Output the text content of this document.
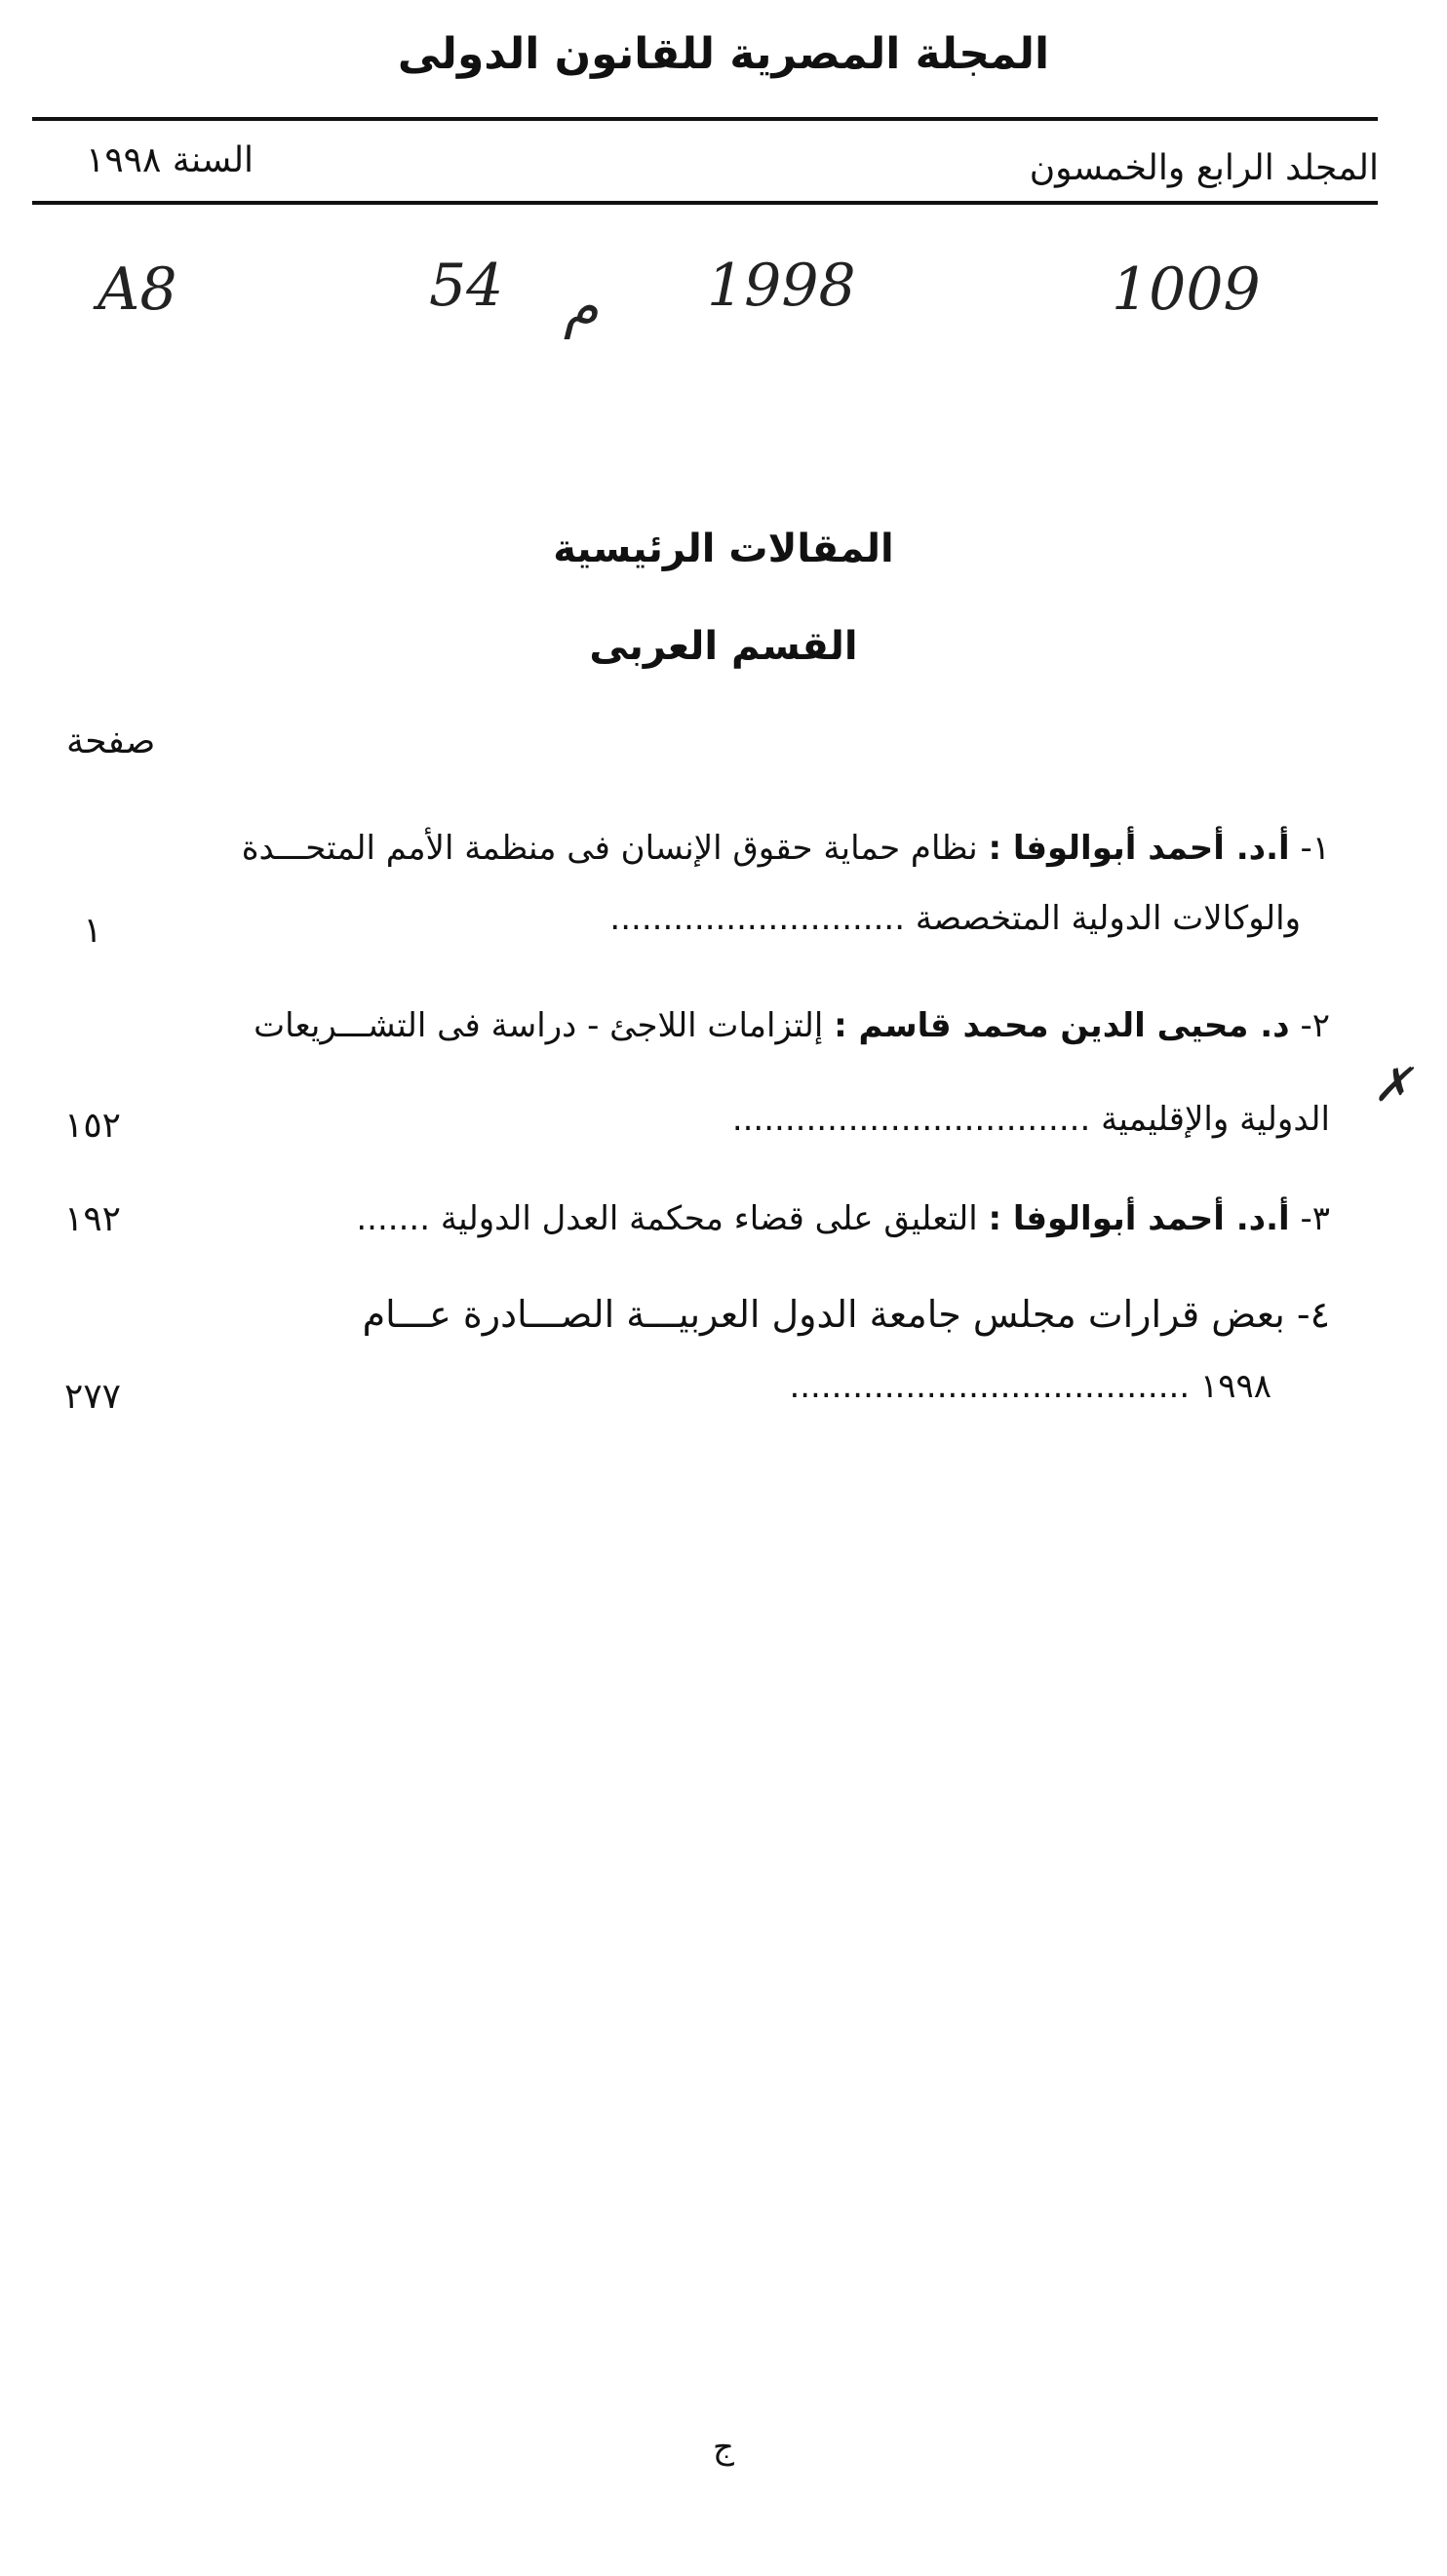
المجلة المصرية للقانون الدولى
المجلد الرابع والخمسون
السنة ١٩٩٨
1009
1998
م
54
A8
✗
المقالات الرئيسية
القسم العربى
صفحة
١- أ.د. أحمد أبوالوفا : نظام حماية حقوق الإنسان فى منظمة الأمم المتحـــدة
والوكالات الدولية المتخصصة ............................
١
٢- د. محيى الدين محمد قاسم : إلتزامات اللاجئ - دراسة فى التشـــريعات
الدولية والإقليمية ..................................
١٥٢
٣- أ.د. أحمد أبوالوفا : التعليق على قضاء محكمة العدل الدولية .......
١٩٢
٤- بعض قرارات مجلس جامعة الدول العربيـــة الصـــادرة عـــام
١٩٩٨ ......................................
٢٧٧
ج
